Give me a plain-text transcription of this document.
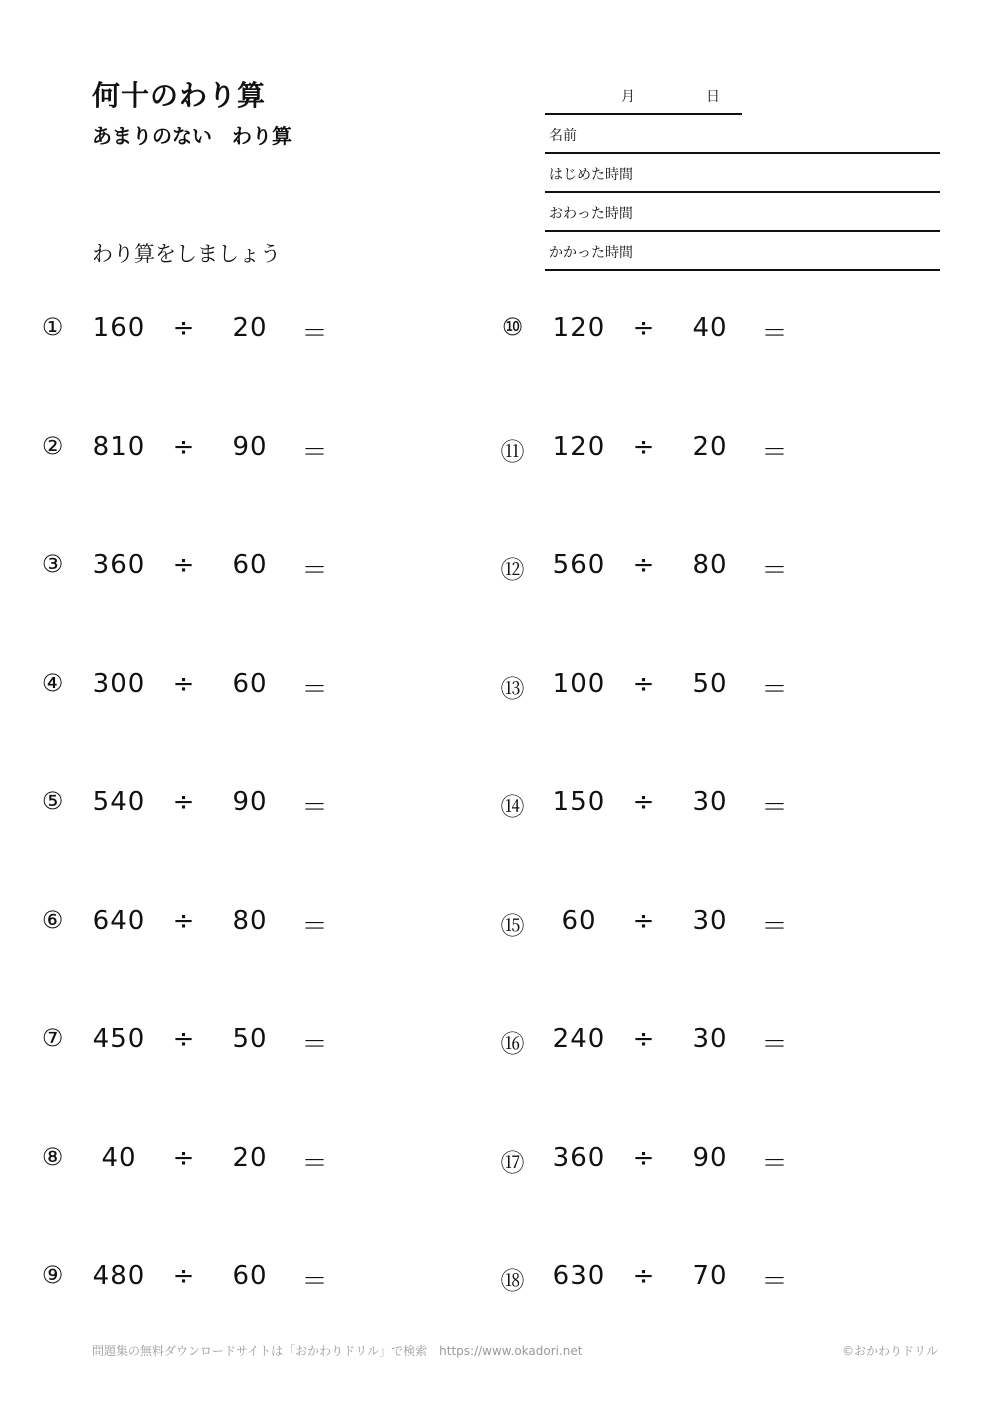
何十のわり算
あまりのない　わり算

わり算をしましょう

月	日
名前
はじめた時間
おわった時間
かかった時間
①	160	÷	20	＝
②	810	÷	90	＝
③	360	÷	60	＝
④	300	÷	60	＝
⑤	540	÷	90	＝
⑥	640	÷	80	＝
⑦	450	÷	50	＝
⑧	40	÷	20	＝
⑨	480	÷	60	＝
⑩	120	÷	40	＝
⑪	120	÷	20	＝
⑫	560	÷	80	＝
⑬	100	÷	50	＝
⑭	150	÷	30	＝
⑮	60	÷	30	＝
⑯	240	÷	30	＝
⑰	360	÷	90	＝
⑱	630	÷	70	＝
問題集の無料ダウンロードサイトは「おかわりドリル」で検索　https://www.okadori.net	©おかわりドリル
